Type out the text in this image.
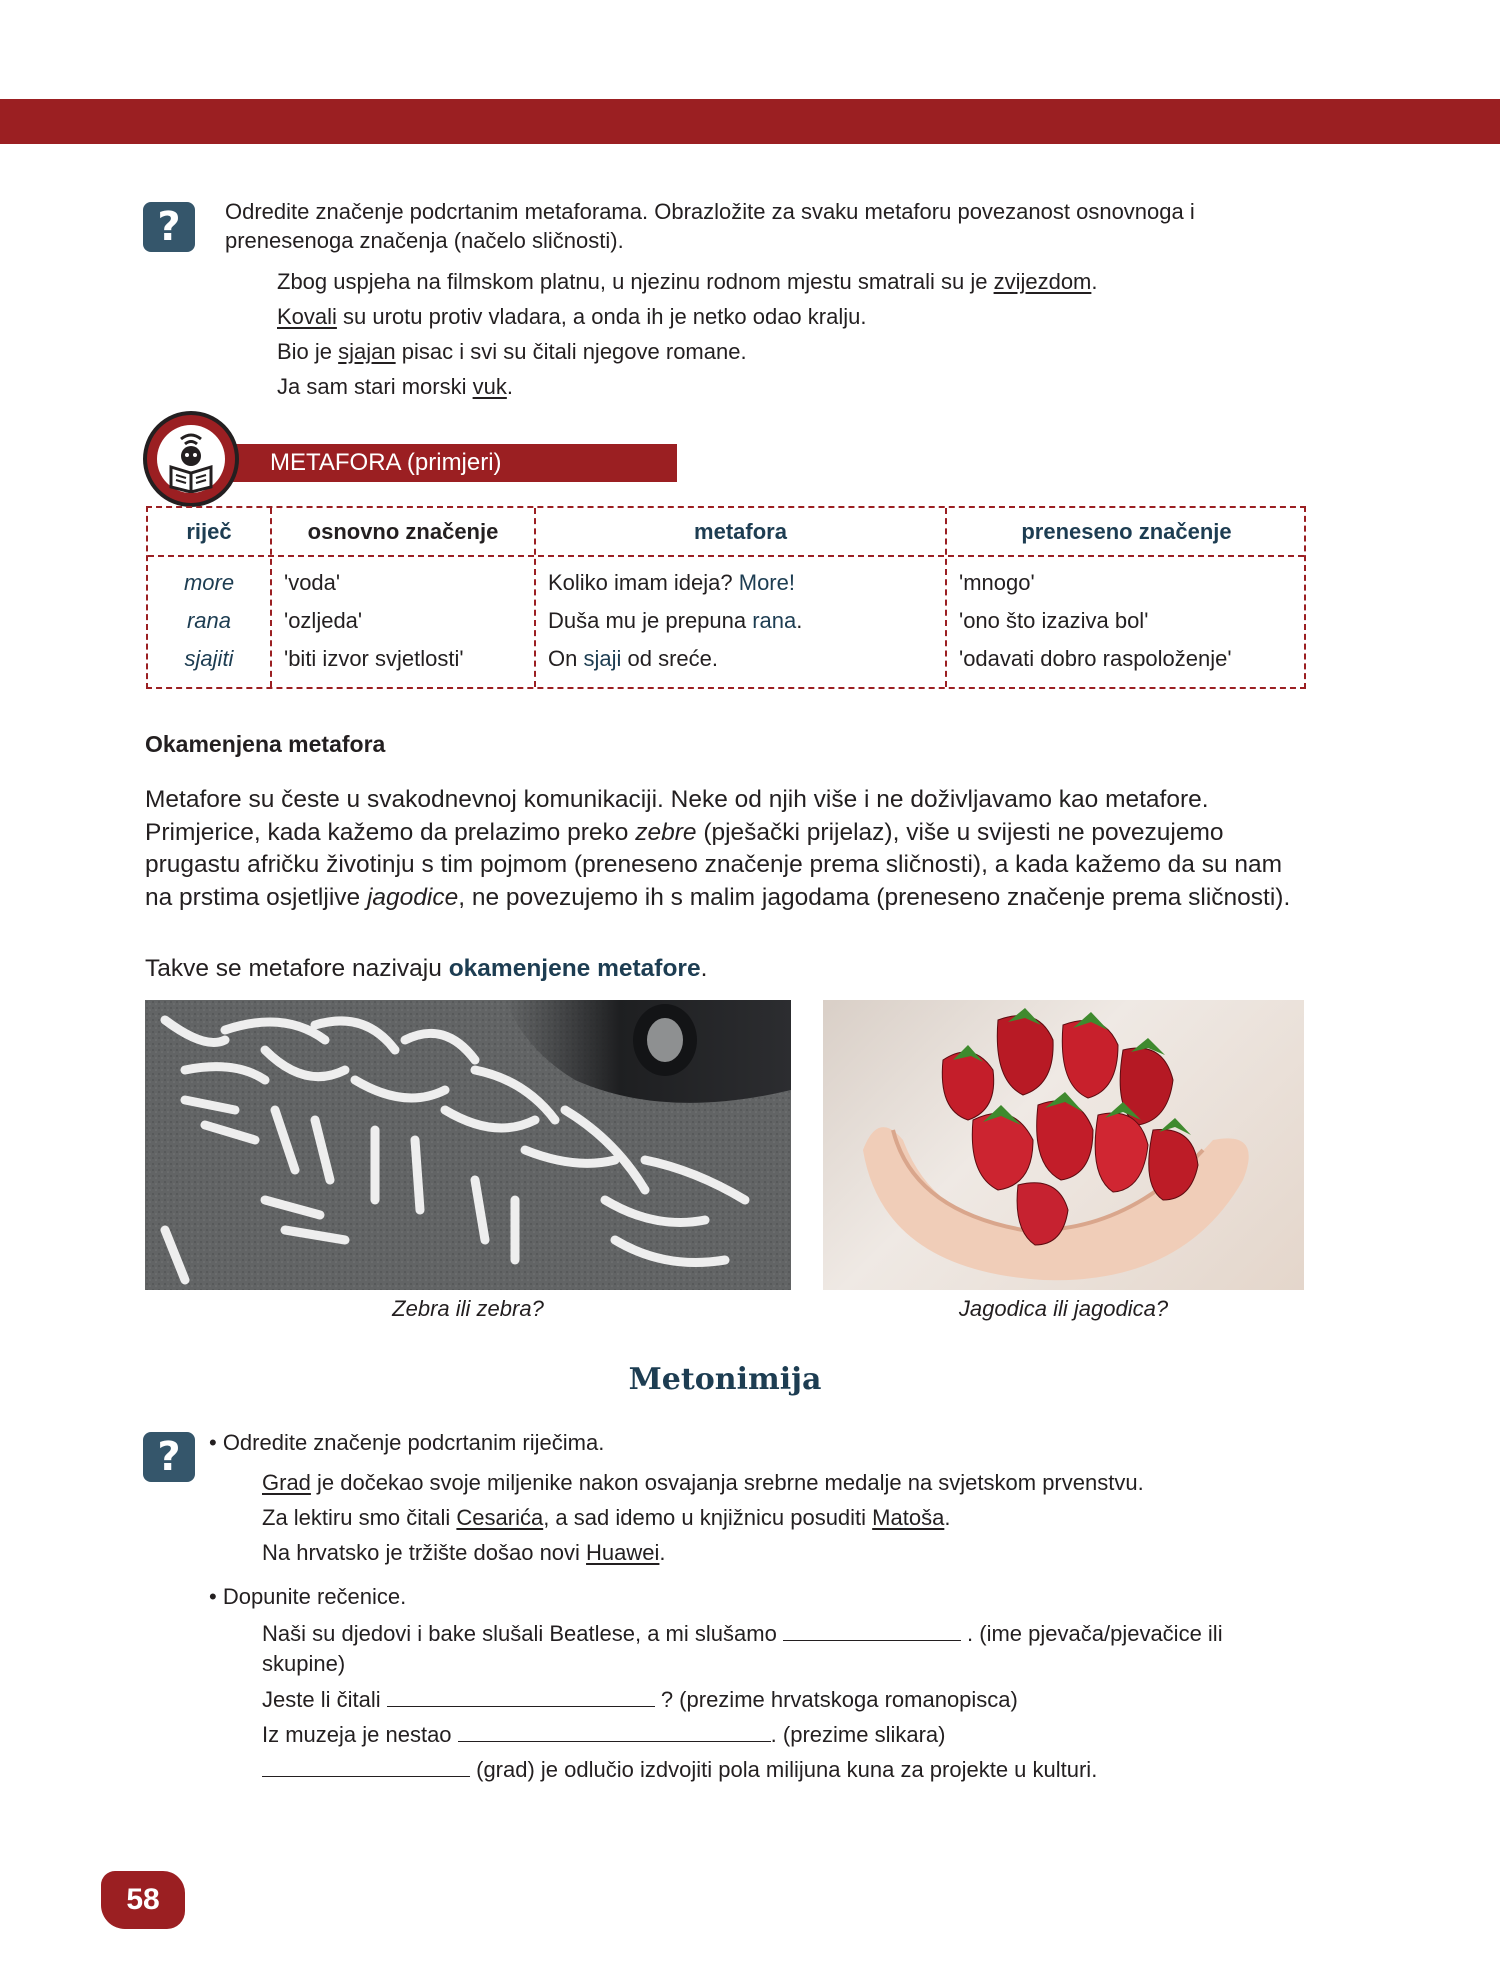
?	Odredite značenje podcrtanim metaforama. Obrazložite za svaku metaforu povezanost osnovnoga i prenesenoga značenja (načelo sličnosti).
Zbog uspjeha na filmskom platnu, u njezinu rodnom mjestu smatrali su je zvijezdom.
Kovali su urotu protiv vladara, a onda ih je netko odao kralju.
Bio je sjajan pisac i svi su čitali njegove romane.
Ja sam stari morski vuk.
METAFORA (primjeri)
riječ	osnovno značenje	metafora	preneseno značenje
more	'voda'	Koliko imam ideja? More!	'mnogo'
rana	'ozljeda'	Duša mu je prepuna rana.	'ono što izaziva bol'
sjajiti	'biti izvor svjetlosti'	On sjaji od sreće.	'odavati dobro raspoloženje'
Okamenjena metafora
Metafore su česte u svakodnevnoj komunikaciji. Neke od njih više i ne doživljavamo kao metafore. Primjerice, kada kažemo da prelazimo preko zebre (pješački prijelaz), više u svijesti ne povezujemo prugastu afričku životinju s tim pojmom (preneseno značenje prema sličnosti), a kada kažemo da su nam na prstima osjetljive jagodice, ne povezujemo ih s malim jagodama (preneseno značenje prema sličnosti).
Takve se metafore nazivaju okamenjene metafore.
Zebra ili zebra?	Jagodica ili jagodica?
Metonimija
?	• Odredite značenje podcrtanim riječima.
Grad je dočekao svoje miljenike nakon osvajanja srebrne medalje na svjetskom prvenstvu.
Za lektiru smo čitali Cesarića, a sad idemo u knjižnicu posuditi Matoša.
Na hrvatsko je tržište došao novi Huawei.
• Dopunite rečenice.
Naši su djedovi i bake slušali Beatlese, a mi slušamo	. (ime pjevača/pjevačice ili
skupine)
Jeste li čitali	? (prezime hrvatskoga romanopisca)
Iz muzeja je nestao	. (prezime slikara)
(grad) je odlučio izdvojiti pola milijuna kuna za projekte u kulturi.
58
